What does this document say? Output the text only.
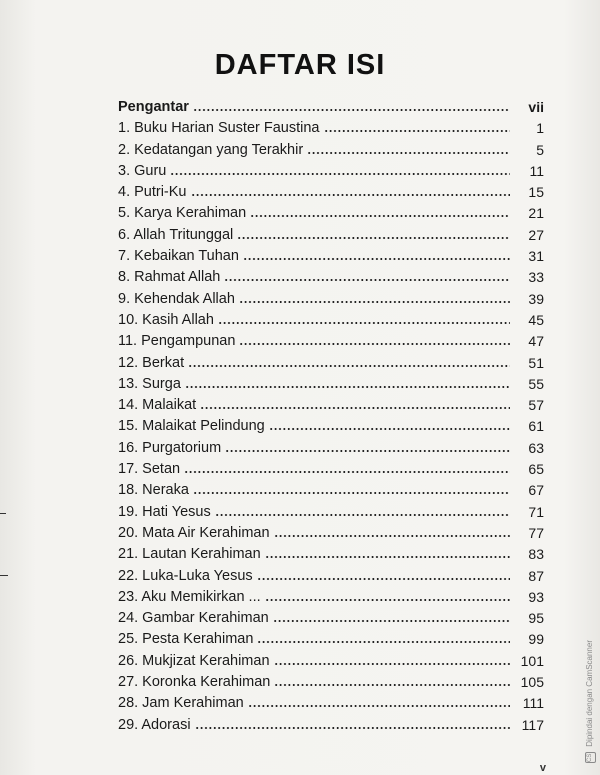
DAFTAR ISI
Pengantar	vii
1. Buku Harian Suster Faustina	1
2. Kedatangan yang Terakhir	5
3. Guru	11
4. Putri-Ku	15
5. Karya Kerahiman	21
6. Allah Tritunggal	27
7. Kebaikan Tuhan	31
8. Rahmat Allah	33
9. Kehendak Allah	39
10. Kasih Allah	45
11. Pengampunan	47
12. Berkat	51
13. Surga	55
14. Malaikat	57
15. Malaikat Pelindung	61
16. Purgatorium	63
17. Setan	65
18. Neraka	67
19. Hati Yesus	71
20. Mata Air Kerahiman	77
21. Lautan Kerahiman	83
22. Luka-Luka Yesus	87
23. Aku Memikirkan ...	93
24. Gambar Kerahiman	95
25. Pesta Kerahiman	99
26. Mukjizat Kerahiman	101
27. Koronka Kerahiman	105
28. Jam Kerahiman	111
29. Adorasi	117
CS Dipindai dengan CamScanner
v
